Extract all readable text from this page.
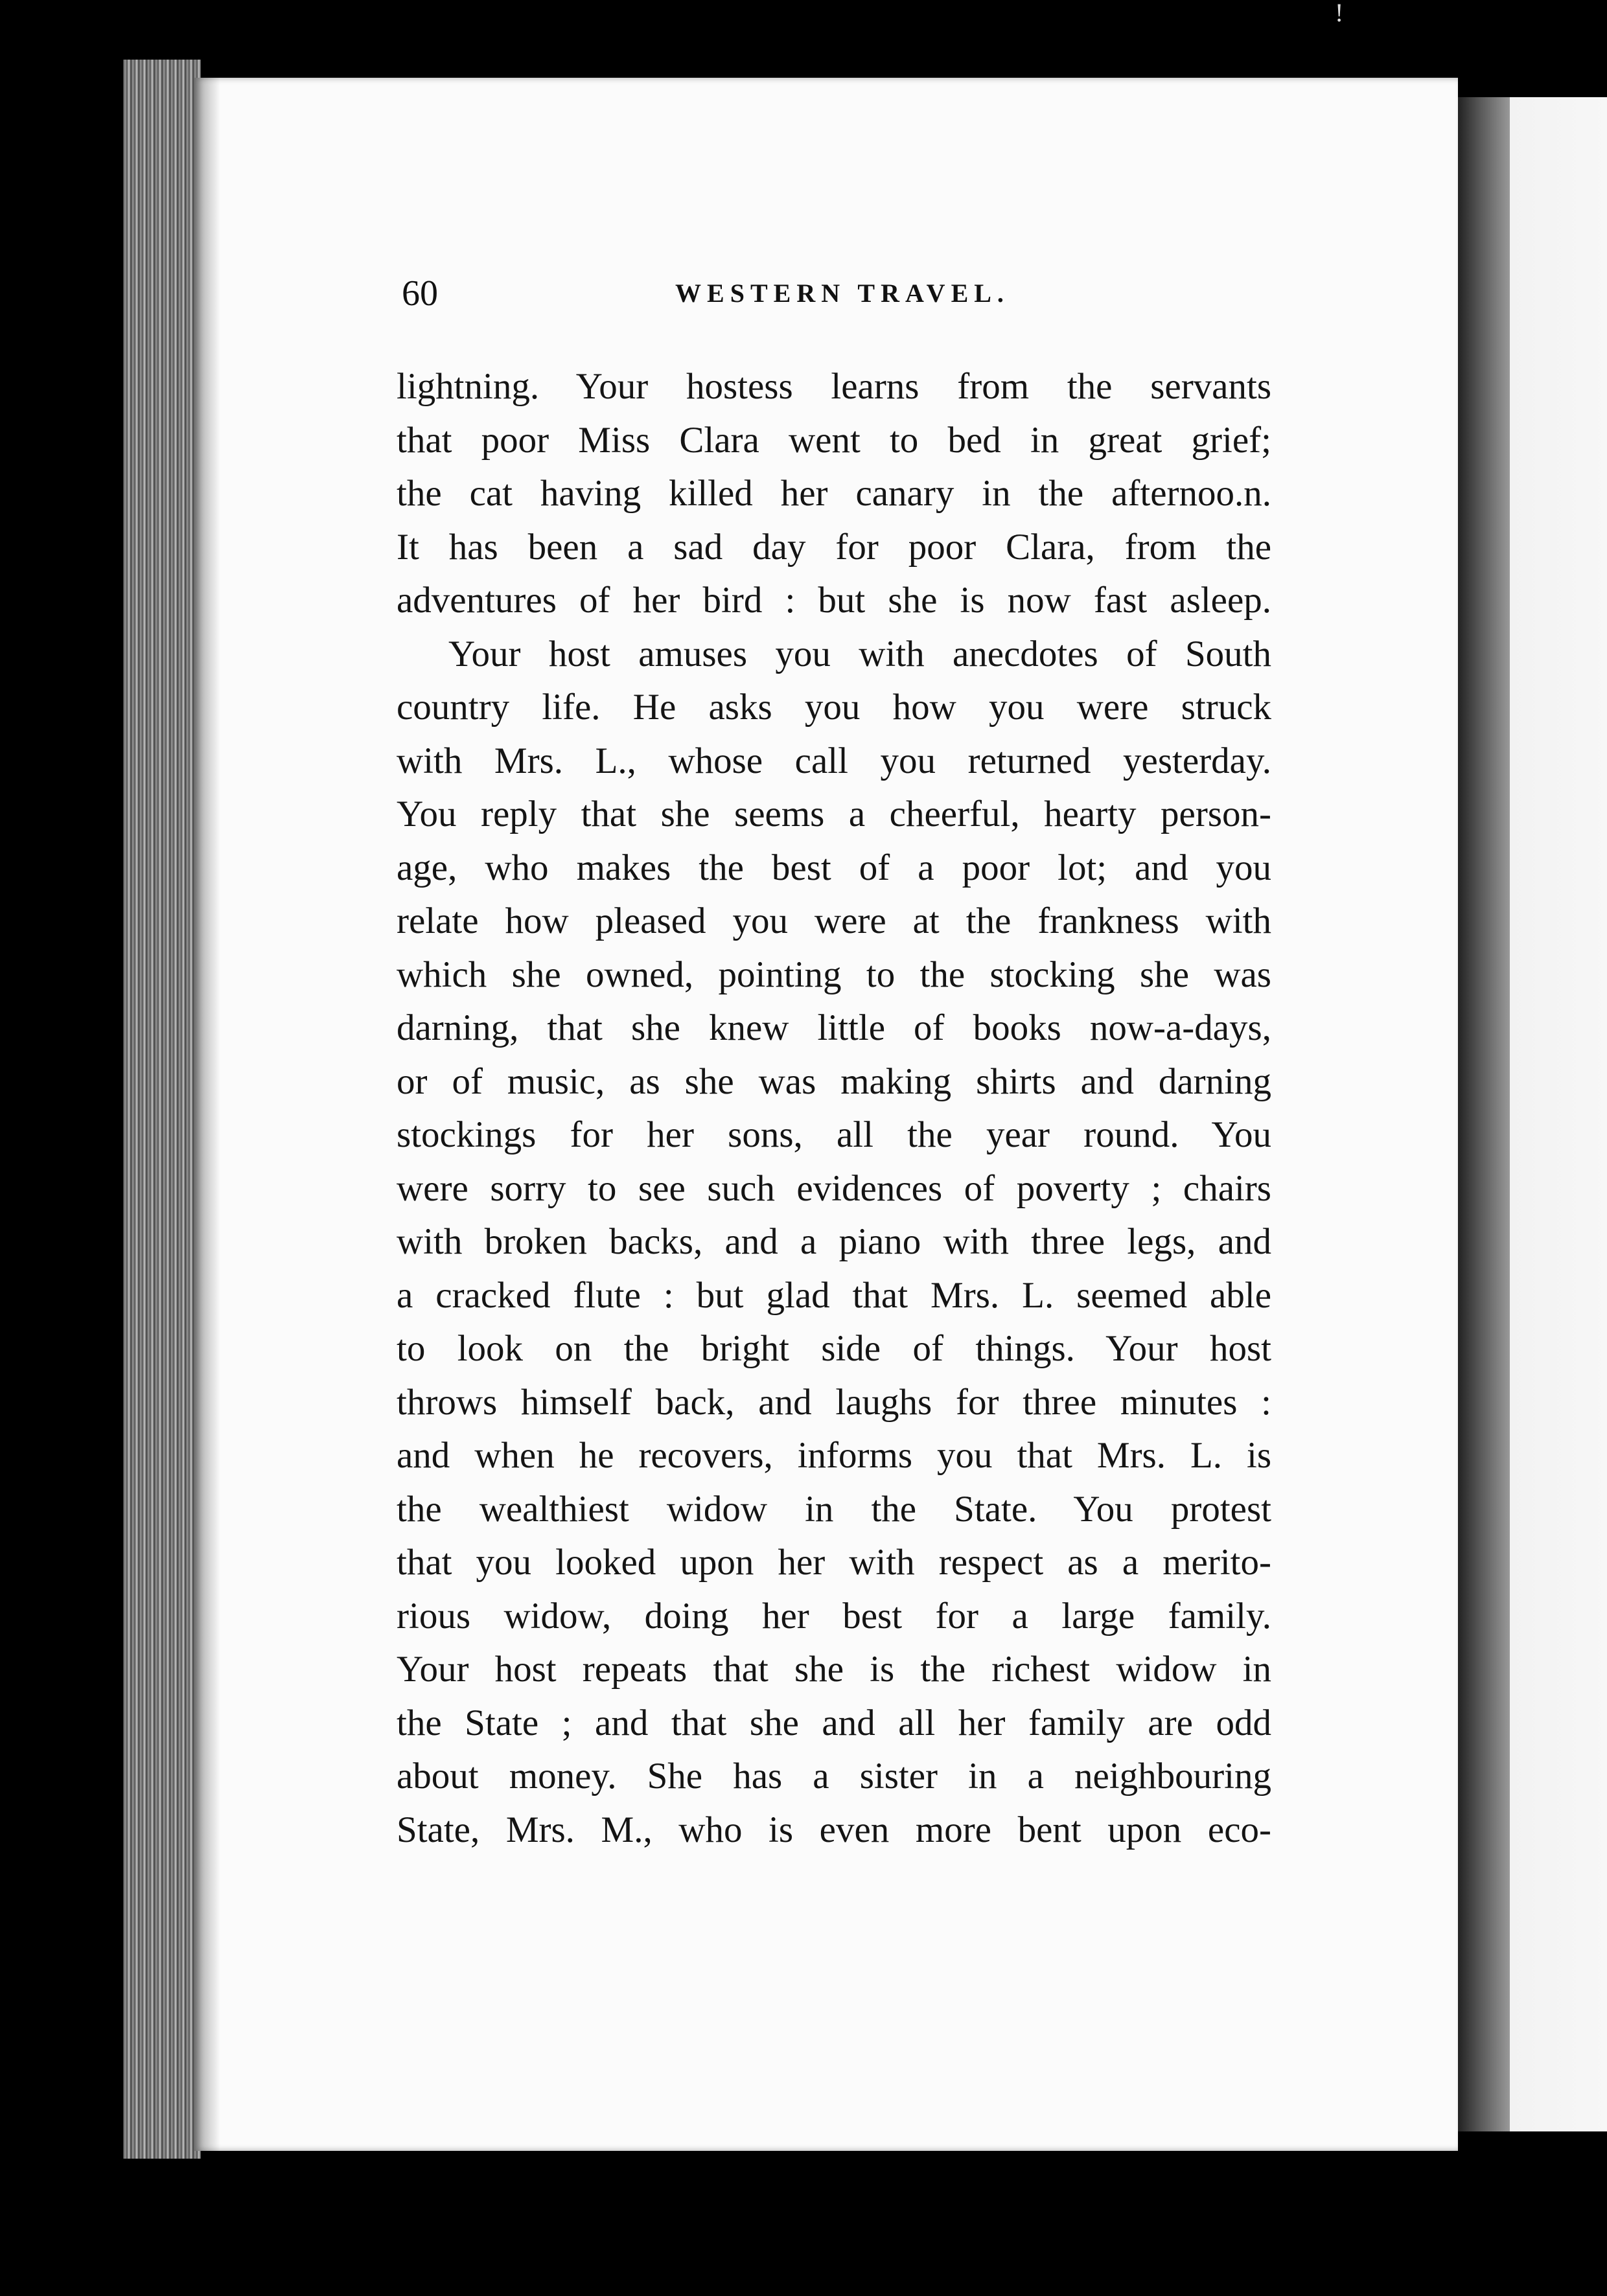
!
60	WESTERN TRAVEL.
lightning. Your hostess learns from the servants
that poor Miss Clara went to bed in great grief;
the cat having killed her canary in the afternoo.n.
It has been a sad day for poor Clara, from the
adventures of her bird : but she is now fast asleep.
Your host amuses you with anecdotes of South
country life. He asks you how you were struck
with Mrs. L., whose call you returned yesterday.
You reply that she seems a cheerful, hearty person-
age, who makes the best of a poor lot; and you
relate how pleased you were at the frankness with
which she owned, pointing to the stocking she was
darning, that she knew little of books now-a-days,
or of music, as she was making shirts and darning
stockings for her sons, all the year round. You
were sorry to see such evidences of poverty ; chairs
with broken backs, and a piano with three legs, and
a cracked flute : but glad that Mrs. L. seemed able
to look on the bright side of things. Your host
throws himself back, and laughs for three minutes :
and when he recovers, informs you that Mrs. L. is
the wealthiest widow in the State. You protest
that you looked upon her with respect as a merito-
rious widow, doing her best for a large family.
Your host repeats that she is the richest widow in
the State ; and that she and all her family are odd
about money. She has a sister in a neighbouring
State, Mrs. M., who is even more bent upon eco-
